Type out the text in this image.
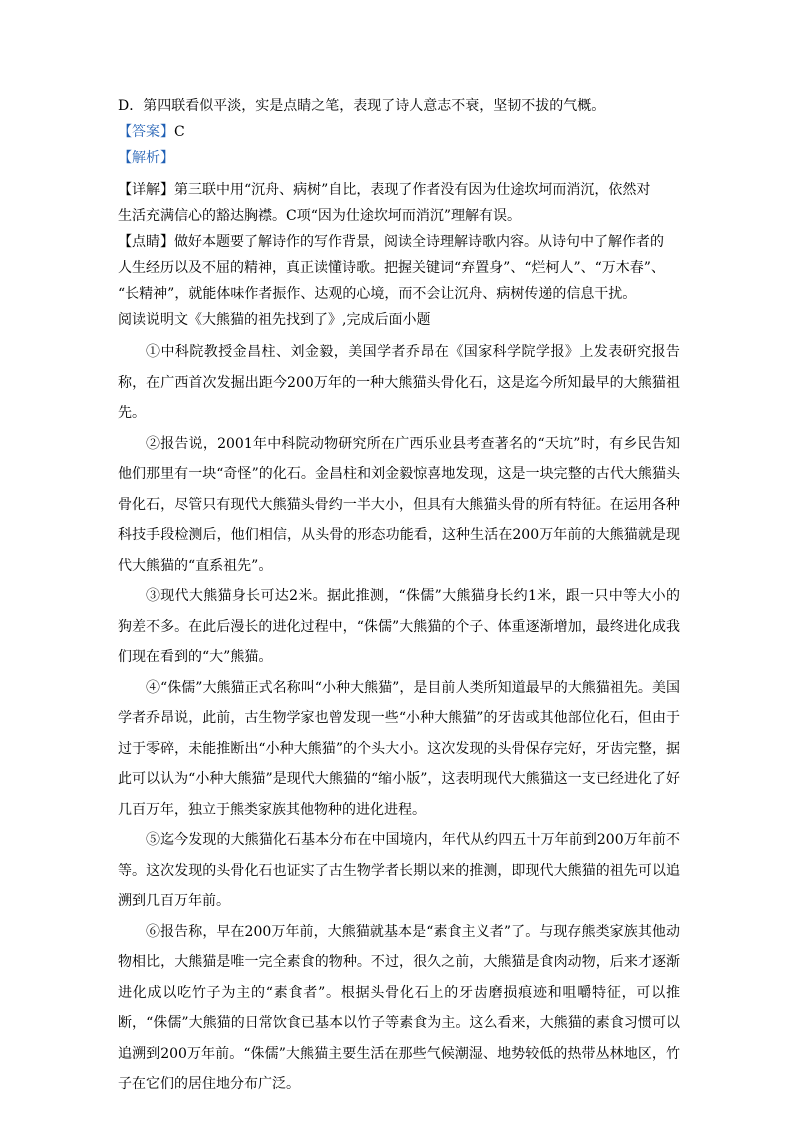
D．第四联看似平淡，实是点睛之笔，表现了诗人意志不衰，坚韧不拔的气概。
【答案】C
【解析】
【详解】第三联中用“沉舟、病树”自比，表现了作者没有因为仕途坎坷而消沉，依然对
生活充满信心的豁达胸襟。C项“因为仕途坎坷而消沉”理解有误。
【点睛】做好本题要了解诗作的写作背景，阅读全诗理解诗歌内容。从诗句中了解作者的
人生经历以及不屈的精神，真正读懂诗歌。把握关键词“弃置身”、“烂柯人”、“万木春”、
“长精神”，就能体味作者振作、达观的心境，而不会让沉舟、病树传递的信息干扰。
阅读说明文《大熊猫的祖先找到了》,完成后面小题

①中科院教授金昌柱、刘金毅，美国学者乔昂在《国家科学院学报》上发表研究报告称，在广西首次发掘出距今200万年的一种大熊猫头骨化石，这是迄今所知最早的大熊猫祖先。

②报告说，2001年中科院动物研究所在广西乐业县考查著名的“天坑”时，有乡民告知他们那里有一块“奇怪”的化石。金昌柱和刘金毅惊喜地发现，这是一块完整的古代大熊猫头骨化石，尽管只有现代大熊猫头骨约一半大小，但具有大熊猫头骨的所有特征。在运用各种科技手段检测后，他们相信，从头骨的形态功能看，这种生活在200万年前的大熊猫就是现代大熊猫的“直系祖先”。

③现代大熊猫身长可达2米。据此推测，“侏儒”大熊猫身长约1米，跟一只中等大小的狗差不多。在此后漫长的进化过程中，“侏儒”大熊猫的个子、体重逐渐增加，最终进化成我们现在看到的“大”熊猫。

④“侏儒”大熊猫正式名称叫“小种大熊猫”，是目前人类所知道最早的大熊猫祖先。美国学者乔昂说，此前，古生物学家也曾发现一些“小种大熊猫”的牙齿或其他部位化石，但由于过于零碎，未能推断出“小种大熊猫”的个头大小。这次发现的头骨保存完好，牙齿完整，据此可以认为“小种大熊猫”是现代大熊猫的“缩小版”，这表明现代大熊猫这一支已经进化了好几百万年，独立于熊类家族其他物种的进化进程。

⑤迄今发现的大熊猫化石基本分布在中国境内，年代从约四五十万年前到200万年前不等。这次发现的头骨化石也证实了古生物学者长期以来的推测，即现代大熊猫的祖先可以追溯到几百万年前。

⑥报告称，早在200万年前，大熊猫就基本是“素食主义者”了。与现存熊类家族其他动物相比，大熊猫是唯一完全素食的物种。不过，很久之前，大熊猫是食肉动物，后来才逐渐进化成以吃竹子为主的“素食者”。根据头骨化石上的牙齿磨损痕迹和咀嚼特征，可以推断，“侏儒”大熊猫的日常饮食已基本以竹子等素食为主。这么看来，大熊猫的素食习惯可以追溯到200万年前。“侏儒”大熊猫主要生活在那些气候潮湿、地势较低的热带丛林地区，竹子在它们的居住地分布广泛。
